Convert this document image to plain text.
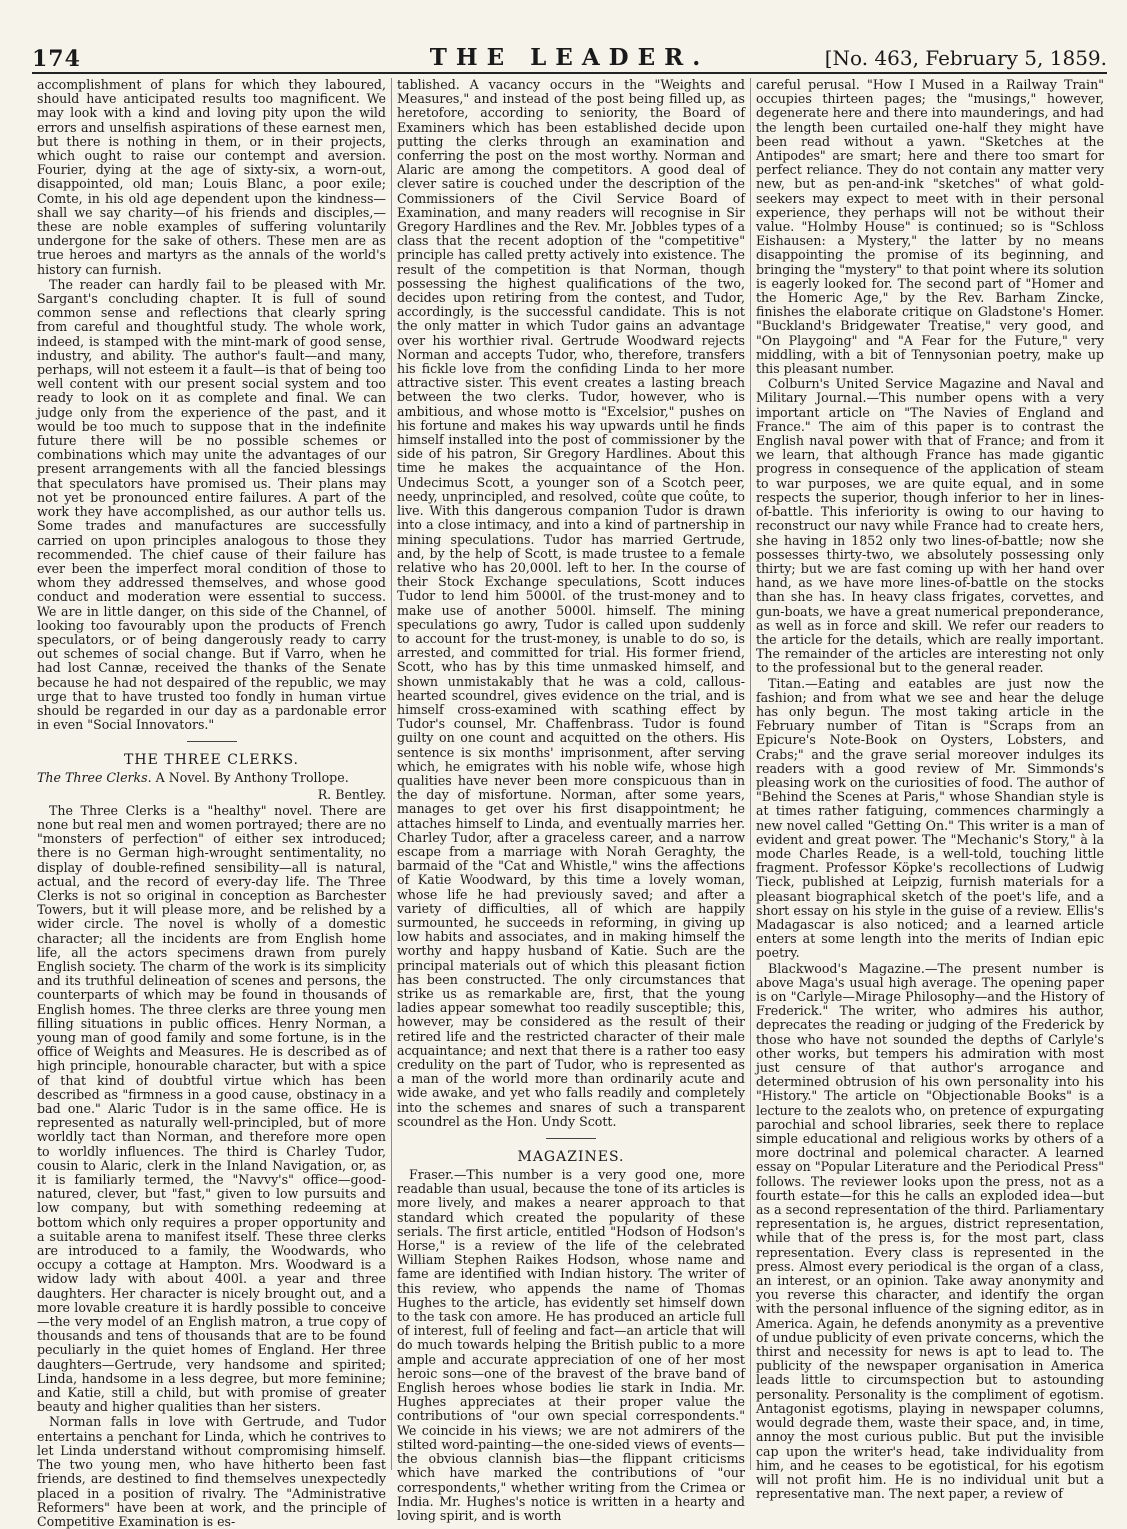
174	THE LEADER.	[No. 463, February 5, 1859.

accomplishment of plans for which they laboured, should have anticipated results too magnificent. We may look with a kind and loving pity upon the wild errors and unselfish aspirations of these earnest men, but there is nothing in them, or in their projects, which ought to raise our contempt and aversion. Fourier, dying at the age of sixty-six, a worn-out, disappointed, old man; Louis Blanc, a poor exile; Comte, in his old age dependent upon the kindness—shall we say charity—of his friends and disciples,—these are noble examples of suffering voluntarily undergone for the sake of others. These men are as true heroes and martyrs as the annals of the world's history can furnish.

The reader can hardly fail to be pleased with Mr. Sargant's concluding chapter. It is full of sound common sense and reflections that clearly spring from careful and thoughtful study. The whole work, indeed, is stamped with the mint-mark of good sense, industry, and ability. The author's fault—and many, perhaps, will not esteem it a fault—is that of being too well content with our present social system and too ready to look on it as complete and final. We can judge only from the experience of the past, and it would be too much to suppose that in the indefinite future there will be no possible schemes or combinations which may unite the advantages of our present arrangements with all the fancied blessings that speculators have promised us. Their plans may not yet be pronounced entire failures. A part of the work they have accomplished, as our author tells us. Some trades and manufactures are successfully carried on upon principles analogous to those they recommended. The chief cause of their failure has ever been the imperfect moral condition of those to whom they addressed themselves, and whose good conduct and moderation were essential to success. We are in little danger, on this side of the Channel, of looking too favourably upon the products of French speculators, or of being dangerously ready to carry out schemes of social change. But if Varro, when he had lost Cannæ, received the thanks of the Senate because he had not despaired of the republic, we may urge that to have trusted too fondly in human virtue should be regarded in our day as a pardonable error in even "Social Innovators."

THE THREE CLERKS.
The Three Clerks. A Novel. By Anthony Trollope.
R. Bentley.

The Three Clerks is a "healthy" novel. There are none but real men and women portrayed; there are no "monsters of perfection" of either sex introduced; there is no German high-wrought sentimentality, no display of double-refined sensibility—all is natural, actual, and the record of every-day life. The Three Clerks is not so original in conception as Barchester Towers, but it will please more, and be relished by a wider circle. The novel is wholly of a domestic character; all the incidents are from English home life, all the actors specimens drawn from purely English society. The charm of the work is its simplicity and its truthful delineation of scenes and persons, the counterparts of which may be found in thousands of English homes. The three clerks are three young men filling situations in public offices. Henry Norman, a young man of good family and some fortune, is in the office of Weights and Measures. He is described as of high principle, honourable character, but with a spice of that kind of doubtful virtue which has been described as "firmness in a good cause, obstinacy in a bad one." Alaric Tudor is in the same office. He is represented as naturally well-principled, but of more worldly tact than Norman, and therefore more open to worldly influences. The third is Charley Tudor, cousin to Alaric, clerk in the Inland Navigation, or, as it is familiarly termed, the "Navvy's" office—good-natured, clever, but "fast," given to low pursuits and low company, but with something redeeming at bottom which only requires a proper opportunity and a suitable arena to manifest itself. These three clerks are introduced to a family, the Woodwards, who occupy a cottage at Hampton. Mrs. Woodward is a widow lady with about 400l. a year and three daughters. Her character is nicely brought out, and a more lovable creature it is hardly possible to conceive—the very model of an English matron, a true copy of thousands and tens of thousands that are to be found peculiarly in the quiet homes of England. Her three daughters—Gertrude, very handsome and spirited; Linda, handsome in a less degree, but more feminine; and Katie, still a child, but with promise of greater beauty and higher qualities than her sisters.

Norman falls in love with Gertrude, and Tudor entertains a penchant for Linda, which he contrives to let Linda understand without compromising himself. The two young men, who have hitherto been fast friends, are destined to find themselves unexpectedly placed in a position of rivalry. The "Administrative Reformers" have been at work, and the principle of Competitive Examination is es-

tablished. A vacancy occurs in the "Weights and Measures," and instead of the post being filled up, as heretofore, according to seniority, the Board of Examiners which has been established decide upon putting the clerks through an examination and conferring the post on the most worthy. Norman and Alaric are among the competitors. A good deal of clever satire is couched under the description of the Commissioners of the Civil Service Board of Examination, and many readers will recognise in Sir Gregory Hardlines and the Rev. Mr. Jobbles types of a class that the recent adoption of the "competitive" principle has called pretty actively into existence. The result of the competition is that Norman, though possessing the highest qualifications of the two, decides upon retiring from the contest, and Tudor, accordingly, is the successful candidate. This is not the only matter in which Tudor gains an advantage over his worthier rival. Gertrude Woodward rejects Norman and accepts Tudor, who, therefore, transfers his fickle love from the confiding Linda to her more attractive sister. This event creates a lasting breach between the two clerks. Tudor, however, who is ambitious, and whose motto is "Excelsior," pushes on his fortune and makes his way upwards until he finds himself installed into the post of commissioner by the side of his patron, Sir Gregory Hardlines. About this time he makes the acquaintance of the Hon. Undecimus Scott, a younger son of a Scotch peer, needy, unprincipled, and resolved, coûte que coûte, to live. With this dangerous companion Tudor is drawn into a close intimacy, and into a kind of partnership in mining speculations. Tudor has married Gertrude, and, by the help of Scott, is made trustee to a female relative who has 20,000l. left to her. In the course of their Stock Exchange speculations, Scott induces Tudor to lend him 5000l. of the trust-money and to make use of another 5000l. himself. The mining speculations go awry, Tudor is called upon suddenly to account for the trust-money, is unable to do so, is arrested, and committed for trial. His former friend, Scott, who has by this time unmasked himself, and shown unmistakably that he was a cold, callous-hearted scoundrel, gives evidence on the trial, and is himself cross-examined with scathing effect by Tudor's counsel, Mr. Chaffenbrass. Tudor is found guilty on one count and acquitted on the others. His sentence is six months' imprisonment, after serving which, he emigrates with his noble wife, whose high qualities have never been more conspicuous than in the day of misfortune. Norman, after some years, manages to get over his first disappointment; he attaches himself to Linda, and eventually marries her. Charley Tudor, after a graceless career, and a narrow escape from a marriage with Norah Geraghty, the barmaid of the "Cat and Whistle," wins the affections of Katie Woodward, by this time a lovely woman, whose life he had previously saved; and after a variety of difficulties, all of which are happily surmounted, he succeeds in reforming, in giving up low habits and associates, and in making himself the worthy and happy husband of Katie. Such are the principal materials out of which this pleasant fiction has been constructed. The only circumstances that strike us as remarkable are, first, that the young ladies appear somewhat too readily susceptible; this, however, may be considered as the result of their retired life and the restricted character of their male acquaintance; and next that there is a rather too easy credulity on the part of Tudor, who is represented as a man of the world more than ordinarily acute and wide awake, and yet who falls readily and completely into the schemes and snares of such a transparent scoundrel as the Hon. Undy Scott.

MAGAZINES.

Fraser.—This number is a very good one, more readable than usual, because the tone of its articles is more lively, and makes a nearer approach to that standard which created the popularity of these serials. The first article, entitled "Hodson of Hodson's Horse," is a review of the life of the celebrated William Stephen Raikes Hodson, whose name and fame are identified with Indian history. The writer of this review, who appends the name of Thomas Hughes to the article, has evidently set himself down to the task con amore. He has produced an article full of interest, full of feeling and fact—an article that will do much towards helping the British public to a more ample and accurate appreciation of one of her most heroic sons—one of the bravest of the brave band of English heroes whose bodies lie stark in India. Mr. Hughes appreciates at their proper value the contributions of "our own special correspondents." We coincide in his views; we are not admirers of the stilted word-painting—the one-sided views of events—the obvious clannish bias—the flippant criticisms which have marked the contributions of "our correspondents," whether writing from the Crimea or India. Mr. Hughes's notice is written in a hearty and loving spirit, and is worth

careful perusal. "How I Mused in a Railway Train" occupies thirteen pages; the "musings," however, degenerate here and there into maunderings, and had the length been curtailed one-half they might have been read without a yawn. "Sketches at the Antipodes" are smart; here and there too smart for perfect reliance. They do not contain any matter very new, but as pen-and-ink "sketches" of what gold-seekers may expect to meet with in their personal experience, they perhaps will not be without their value. "Holmby House" is continued; so is "Schloss Eishausen: a Mystery," the latter by no means disappointing the promise of its beginning, and bringing the "mystery" to that point where its solution is eagerly looked for. The second part of "Homer and the Homeric Age," by the Rev. Barham Zincke, finishes the elaborate critique on Gladstone's Homer. "Buckland's Bridgewater Treatise," very good, and "On Playgoing" and "A Fear for the Future," very middling, with a bit of Tennysonian poetry, make up this pleasant number.

Colburn's United Service Magazine and Naval and Military Journal.—This number opens with a very important article on "The Navies of England and France." The aim of this paper is to contrast the English naval power with that of France; and from it we learn, that although France has made gigantic progress in consequence of the application of steam to war purposes, we are quite equal, and in some respects the superior, though inferior to her in lines-of-battle. This inferiority is owing to our having to reconstruct our navy while France had to create hers, she having in 1852 only two lines-of-battle; now she possesses thirty-two, we absolutely possessing only thirty; but we are fast coming up with her hand over hand, as we have more lines-of-battle on the stocks than she has. In heavy class frigates, corvettes, and gun-boats, we have a great numerical preponderance, as well as in force and skill. We refer our readers to the article for the details, which are really important. The remainder of the articles are interesting not only to the professional but to the general reader.

Titan.—Eating and eatables are just now the fashion; and from what we see and hear the deluge has only begun. The most taking article in the February number of Titan is "Scraps from an Epicure's Note-Book on Oysters, Lobsters, and Crabs;" and the grave serial moreover indulges its readers with a good review of Mr. Simmonds's pleasing work on the curiosities of food. The author of "Behind the Scenes at Paris," whose Shandian style is at times rather fatiguing, commences charmingly a new novel called "Getting On." This writer is a man of evident and great power. The "Mechanic's Story," à la mode Charles Reade, is a well-told, touching little fragment. Professor Köpke's recollections of Ludwig Tieck, published at Leipzig, furnish materials for a pleasant biographical sketch of the poet's life, and a short essay on his style in the guise of a review. Ellis's Madagascar is also noticed; and a learned article enters at some length into the merits of Indian epic poetry.

Blackwood's Magazine.—The present number is above Maga's usual high average. The opening paper is on "Carlyle—Mirage Philosophy—and the History of Frederick." The writer, who admires his author, deprecates the reading or judging of the Frederick by those who have not sounded the depths of Carlyle's other works, but tempers his admiration with most just censure of that author's arrogance and determined obtrusion of his own personality into his "History." The article on "Objectionable Books" is a lecture to the zealots who, on pretence of expurgating parochial and school libraries, seek there to replace simple educational and religious works by others of a more doctrinal and polemical character. A learned essay on "Popular Literature and the Periodical Press" follows. The reviewer looks upon the press, not as a fourth estate—for this he calls an exploded idea—but as a second representation of the third. Parliamentary representation is, he argues, district representation, while that of the press is, for the most part, class representation. Every class is represented in the press. Almost every periodical is the organ of a class, an interest, or an opinion. Take away anonymity and you reverse this character, and identify the organ with the personal influence of the signing editor, as in America. Again, he defends anonymity as a preventive of undue publicity of even private concerns, which the thirst and necessity for news is apt to lead to. The publicity of the newspaper organisation in America leads little to circumspection but to astounding personality. Personality is the compliment of egotism. Antagonist egotisms, playing in newspaper columns, would degrade them, waste their space, and, in time, annoy the most curious public. But put the invisible cap upon the writer's head, take individuality from him, and he ceases to be egotistical, for his egotism will not profit him. He is no individual unit but a representative man. The next paper, a review of
